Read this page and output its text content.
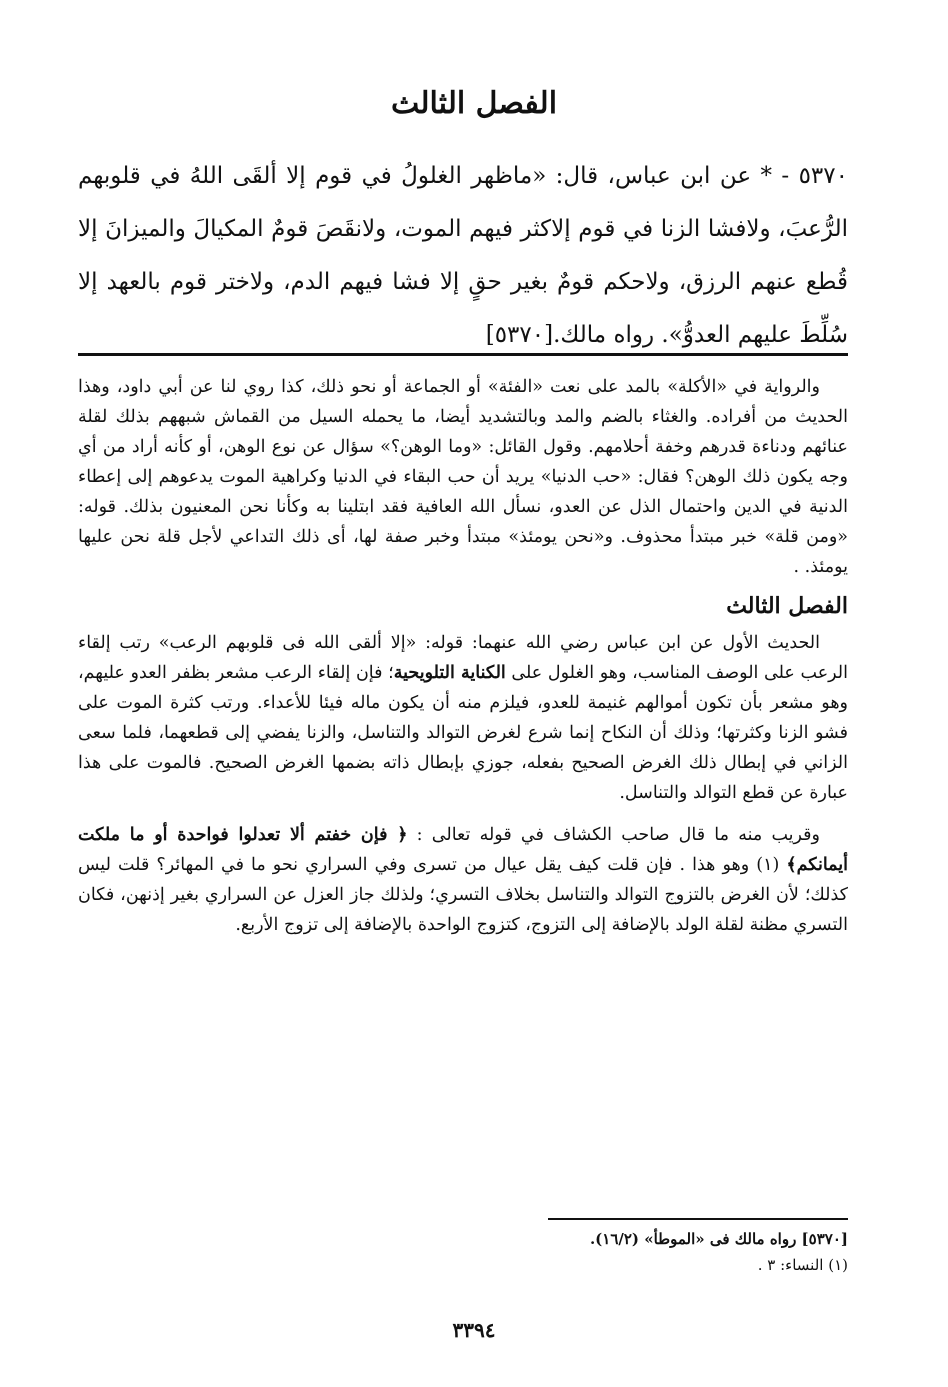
الفصل الثالث
٥٣٧٠ - * عن ابن عباس، قال: «ماظهر الغلولُ في قوم إلا ألقَى اللهُ في قلوبهم الرُّعبَ، ولافشا الزنا في قوم إلاكثر فيهم الموت، ولانقَصَ قومٌ المكيالَ والميزانَ إلا قُطع عنهم الرزق، ولاحكم قومٌ بغير حقٍ إلا فشا فيهم الدم، ولاختر قوم بالعهد إلا سُلِّطَ عليهم العدوُّ». رواه مالك.[٥٣٧٠]

والرواية في «الأكلة» بالمد على نعت «الفئة» أو الجماعة أو نحو ذلك، كذا روي لنا عن أبي داود، وهذا الحديث من أفراده. والغثاء بالضم والمد وبالتشديد أيضا، ما يحمله السيل من القماش شبههم بذلك لقلة عنائهم ودناءة قدرهم وخفة أحلامهم. وقول القائل: «وما الوهن؟» سؤال عن نوع الوهن، أو كأنه أراد من أي وجه يكون ذلك الوهن؟ فقال: «حب الدنيا» يريد أن حب البقاء في الدنيا وكراهية الموت يدعوهم إلى إعطاء الدنية في الدين واحتمال الذل عن العدو، نسأل الله العافية فقد ابتلينا به وكأنا نحن المعنيون بذلك. قوله: «ومن قلة» خبر مبتدأ محذوف. و«نحن يومئذ» مبتدأ وخبر صفة لها، أى ذلك التداعي لأجل قلة نحن عليها يومئذ. .

الفصل الثالث

الحديث الأول عن ابن عباس رضي الله عنهما: قوله: «إلا ألقى الله فى قلوبهم الرعب» رتب إلقاء الرعب على الوصف المناسب، وهو الغلول على الكناية التلويحية؛ فإن إلقاء الرعب مشعر بظفر العدو عليهم، وهو مشعر بأن تكون أموالهم غنيمة للعدو، فيلزم منه أن يكون ماله فيئا للأعداء. ورتب كثرة الموت على فشو الزنا وكثرتها؛ وذلك أن النكاح إنما شرع لغرض التوالد والتناسل، والزنا يفضي إلى قطعهما، فلما سعى الزاني في إبطال ذلك الغرض الصحيح بفعله، جوزي بإبطال ذاته بضمها الغرض الصحيح. فالموت على هذا عبارة عن قطع التوالد والتناسل.

وقريب منه ما قال صاحب الكشاف في قوله تعالى : ﴿ فإن خفتم ألا تعدلوا فواحدة أو ما ملكت أيمانكم﴾ (١) وهو هذا . فإن قلت كيف يقل عيال من تسرى وفي السراري نحو ما في المهائر؟ قلت ليس كذلك؛ لأن الغرض بالتزوج التوالد والتناسل بخلاف التسري؛ ولذلك جاز العزل عن السراري بغير إذنهن، فكان التسري مظنة لقلة الولد بالإضافة إلى التزوج، كتزوج الواحدة بالإضافة إلى تزوج الأربع.

[٥٣٧٠] رواه مالك فى «الموطأ» (١٦/٢).

(١) النساء: ٣ .

٣٣٩٤
